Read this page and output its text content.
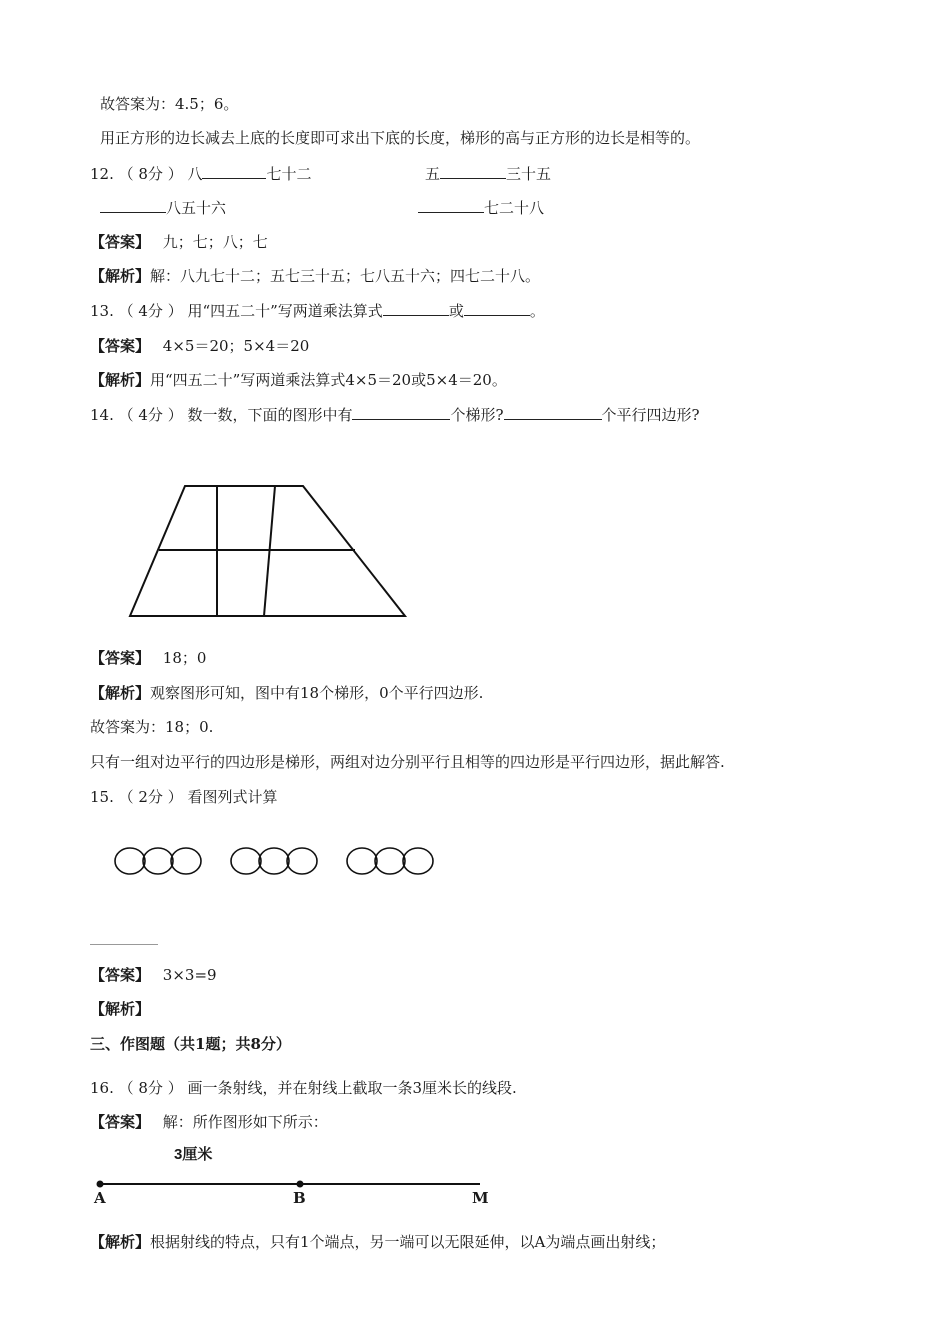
故答案为：4.5；6。
用正方形的边长减去上底的长度即可求出下底的长度，梯形的高与正方形的边长是相等的。
12. （ 8分 ） 八	七十二	五	三十五
八五十六	七二十八
【答案】 九；七；八；七
【解析】解：八九七十二；五七三十五；七八五十六；四七二十八。
13. （ 4分 ） 用“四五二十”写两道乘法算式	或	。
【答案】 4×5＝20；5×4＝20
【解析】用“四五二十”写两道乘法算式4×5＝20或5×4＝20。
14. （ 4分 ） 数一数，下面的图形中有	个梯形?	个平行四边形?
【答案】 18；0
【解析】观察图形可知，图中有18个梯形，0个平行四边形.
故答案为：18；0.
只有一组对边平行的四边形是梯形，两组对边分别平行且相等的四边形是平行四边形，据此解答.
15. （ 2分 ） 看图列式计算
【答案】 3×3=9
【解析】
三、作图题（共1题；共8分）
16. （ 8分 ） 画一条射线，并在射线上截取一条3厘米长的线段.
【答案】 解：所作图形如下所示：
3厘米
A	B	M
【解析】根据射线的特点，只有1个端点，另一端可以无限延伸，以A为端点画出射线；
